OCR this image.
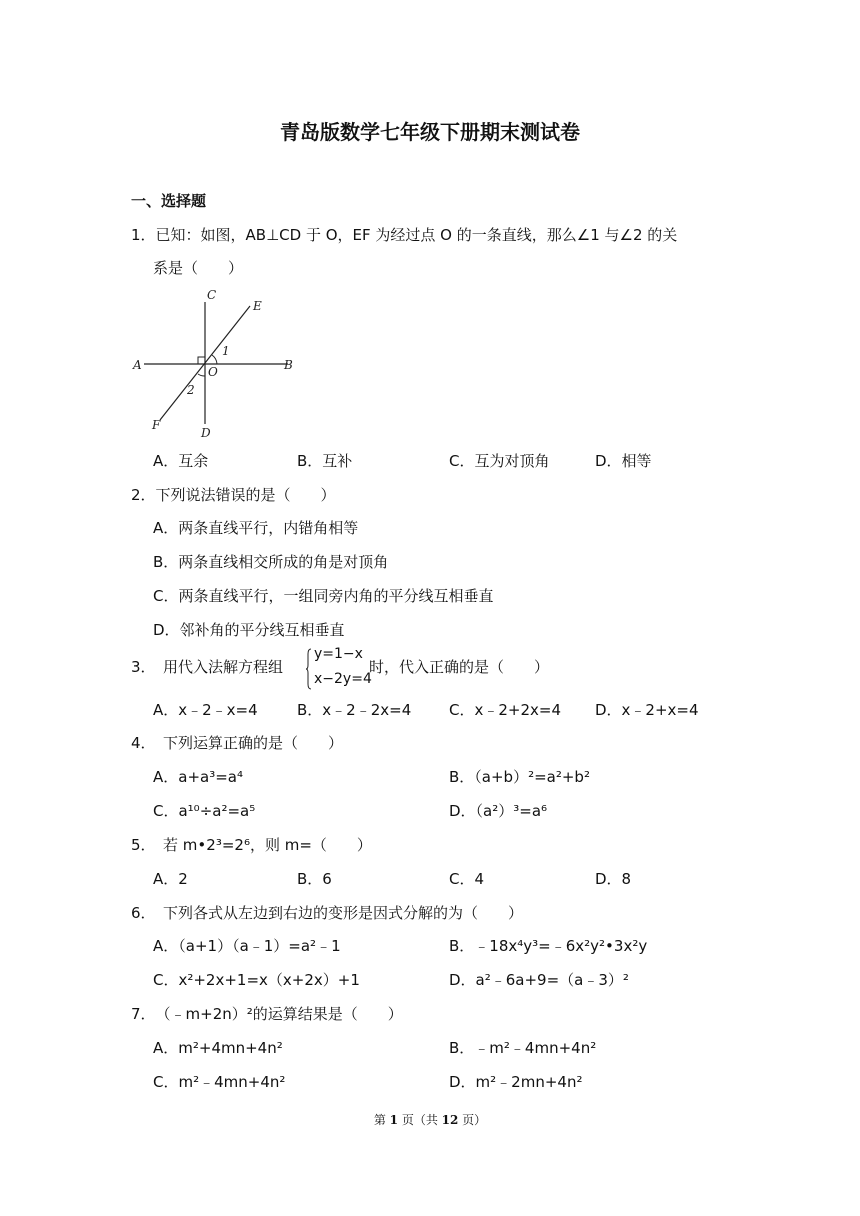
青岛版数学七年级下册期末测试卷
一、选择题
1．已知：如图，AB⊥CD 于 O，EF 为经过点 O 的一条直线，那么∠1 与∠2 的关
系是（　　）
A	B
C
D
E
F
O
1
2
A．互余	B．互补	C．互为对顶角	D．相等
2．下列说法错误的是（　　）
A．两条直线平行，内错角相等
B．两条直线相交所成的角是对顶角
C．两条直线平行，一组同旁内角的平分线互相垂直
D．邻补角的平分线互相垂直
3．　用代入法解方程组
y=1−x
x−2y=4
时，代入正确的是（　　）
A．x﹣2﹣x=4	B．x﹣2﹣2x=4	C．x﹣2+2x=4 D．x﹣2+x=4
4．　下列运算正确的是（　　）
A．a+a³=a⁴	B．（a+b）²=a²+b²
C．a¹⁰÷a²=a⁵	D．（a²）³=a⁶
5．　若 m•2³=2⁶，则 m=（　　）
A．2	B．6	C．4	D．8
6．　下列各式从左边到右边的变形是因式分解的为（　　）
A．（a+1）（a﹣1）=a²﹣1	B．﹣18x⁴y³=﹣6x²y²•3x²y
C．x²+2x+1=x（x+2x）+1	D．a²﹣6a+9=（a﹣3）²
7．　（﹣m+2n）²的运算结果是（　　）
A．m²+4mn+4n²	B．﹣m²﹣4mn+4n²
C．m²﹣4mn+4n²	D．m²﹣2mn+4n²
第 1 页（共 12 页）
